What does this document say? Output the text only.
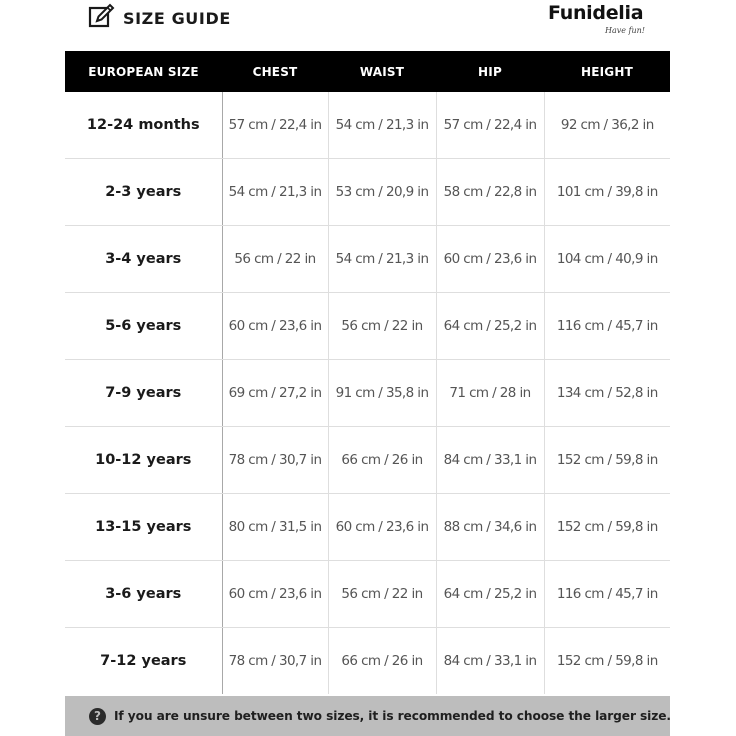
SIZE GUIDE	Funidelia
Have fun!
EUROPEAN SIZE	CHEST	WAIST	HIP	HEIGHT
12-24 months	57 cm / 22,4 in	54 cm / 21,3 in	57 cm / 22,4 in	92 cm / 36,2 in
2-3 years	54 cm / 21,3 in	53 cm / 20,9 in	58 cm / 22,8 in	101 cm / 39,8 in
3-4 years	56 cm / 22 in	54 cm / 21,3 in	60 cm / 23,6 in	104 cm / 40,9 in
5-6 years	60 cm / 23,6 in	56 cm / 22 in	64 cm / 25,2 in	116 cm / 45,7 in
7-9 years	69 cm / 27,2 in	91 cm / 35,8 in	71 cm / 28 in	134 cm / 52,8 in
10-12 years	78 cm / 30,7 in	66 cm / 26 in	84 cm / 33,1 in	152 cm / 59,8 in
13-15 years	80 cm / 31,5 in	60 cm / 23,6 in	88 cm / 34,6 in	152 cm / 59,8 in
3-6 years	60 cm / 23,6 in	56 cm / 22 in	64 cm / 25,2 in	116 cm / 45,7 in
7-12 years	78 cm / 30,7 in	66 cm / 26 in	84 cm / 33,1 in	152 cm / 59,8 in
?	If you are unsure between two sizes, it is recommended to choose the larger size.
